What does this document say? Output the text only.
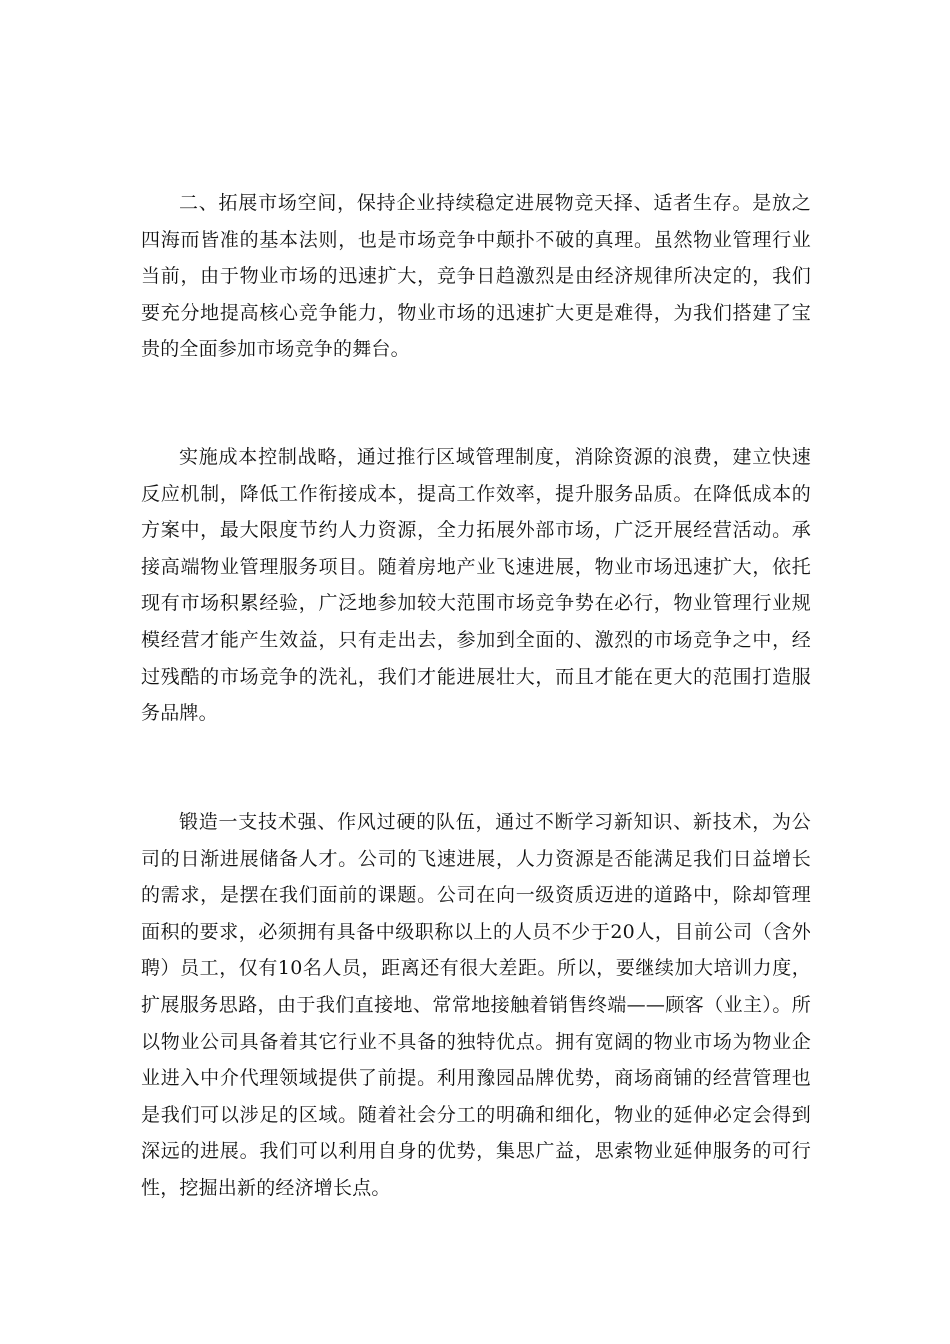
二、拓展市场空间，保持企业持续稳定进展物竞天择、适者生存。是放之四海而皆准的基本法则，也是市场竞争中颠扑不破的真理。虽然物业管理行业当前，由于物业市场的迅速扩大，竞争日趋激烈是由经济规律所决定的，我们要充分地提高核心竞争能力，物业市场的迅速扩大更是难得，为我们搭建了宝贵的全面参加市场竞争的舞台。

实施成本控制战略，通过推行区域管理制度，消除资源的浪费，建立快速反应机制，降低工作衔接成本，提高工作效率，提升服务品质。在降低成本的方案中，最大限度节约人力资源，全力拓展外部市场，广泛开展经营活动。承接高端物业管理服务项目。随着房地产业飞速进展，物业市场迅速扩大，依托现有市场积累经验，广泛地参加较大范围市场竞争势在必行，物业管理行业规模经营才能产生效益，只有走出去，参加到全面的、激烈的市场竞争之中，经过残酷的市场竞争的洗礼，我们才能进展壮大，而且才能在更大的范围打造服务品牌。

锻造一支技术强、作风过硬的队伍，通过不断学习新知识、新技术，为公司的日渐进展储备人才。公司的飞速进展，人力资源是否能满足我们日益增长的需求，是摆在我们面前的课题。公司在向一级资质迈进的道路中，除却管理面积的要求，必须拥有具备中级职称以上的人员不少于20人，目前公司（含外聘）员工，仅有10名人员，距离还有很大差距。所以，要继续加大培训力度，扩展服务思路，由于我们直接地、常常地接触着销售终端——顾客（业主）。所以物业公司具备着其它行业不具备的独特优点。拥有宽阔的物业市场为物业企业进入中介代理领域提供了前提。利用豫园品牌优势，商场商铺的经营管理也是我们可以涉足的区域。随着社会分工的明确和细化，物业的延伸必定会得到深远的进展。我们可以利用自身的优势，集思广益，思索物业延伸服务的可行性，挖掘出新的经济增长点。
